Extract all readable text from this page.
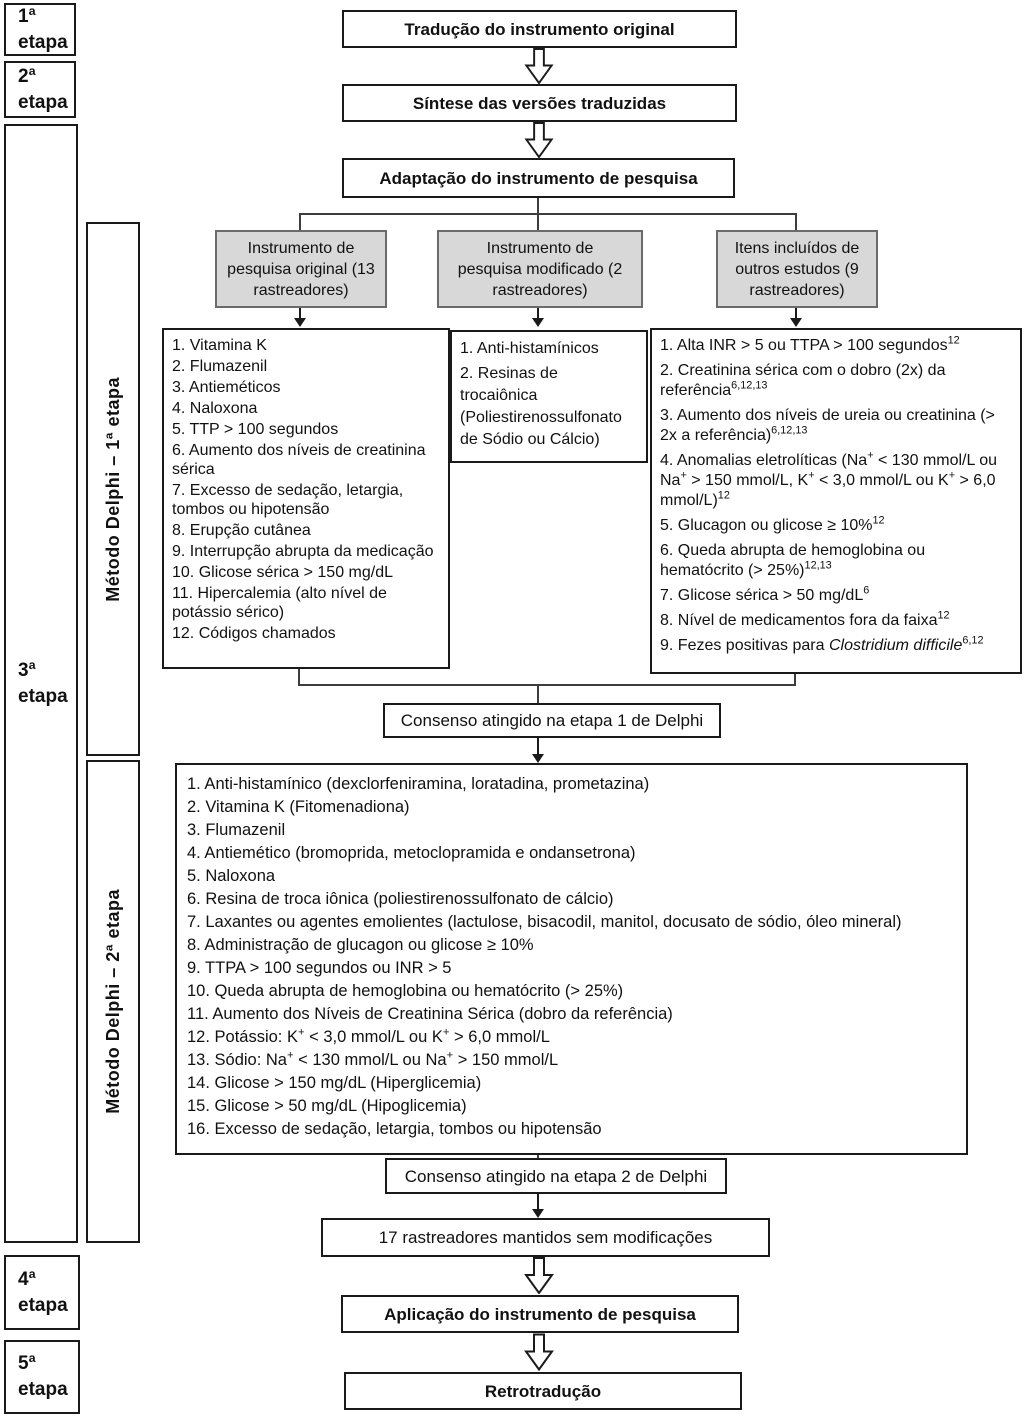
1ª
etapa
2ª
etapa
3ª
etapa
4ª
etapa
5ª
etapa
Método Delphi – 1ª etapa
Método Delphi – 2ª etapa
Tradução do instrumento original
Síntese das versões traduzidas
Adaptação do instrumento de pesquisa
Instrumento de pesquisa original (13 rastreadores)
Instrumento de pesquisa modificado (2 rastreadores)
Itens incluídos de outros estudos (9 rastreadores)
1. Vitamina K
2. Flumazenil
3. Antieméticos
4. Naloxona
5. TTP > 100 segundos
6. Aumento dos níveis de creatinina sérica
7. Excesso de sedação, letargia, tombos ou hipotensão
8. Erupção cutânea
9. Interrupção abrupta da medicação
10. Glicose sérica > 150 mg/dL
11. Hipercalemia (alto nível de potássio sérico)
12. Códigos chamados
1. Anti-histamínicos
2. Resinas de trocaiônica (Poliestirenossulfonato de Sódio ou Cálcio)
1. Alta INR > 5 ou TTPA > 100 segundos$^{12}$
2. Creatinina sérica com o dobro (2x) da referência$^{6,12,13}$
3. Aumento dos níveis de ureia ou creatinina (> 2x a referência)$^{6,12,13}$
4. Anomalias eletrolíticas (Na+ < 130 mmol/L ou Na+ > 150 mmol/L, K+ < 3,0 mmol/L ou K+ > 6,0 mmol/L)$^{12}$
5. Glucagon ou glicose ≥ 10%$^{12}$
6. Queda abrupta de hemoglobina ou hematócrito (> 25%)$^{12,13}$
7. Glicose sérica > 50 $mg/dL^6$
8. Nível de medicamentos fora da faixa$^{12}$
9. Fezes positivas para Clostridium difficile$^{6,12}$
Consenso atingido na etapa 1 de Delphi
1. Anti-histamínico (dexclorfeniramina, loratadina, prometazina)
2. Vitamina K (Fitomenadiona)
3. Flumazenil
4. Antiemético (bromoprida, metoclopramida e ondansetrona)
5. Naloxona
6. Resina de troca iônica (poliestirenossulfonato de cálcio)
7. Laxantes ou agentes emolientes (lactulose, bisacodil, manitol, docusato de sódio, óleo mineral)
8. Administração de glucagon ou glicose ≥ 10%
9. TTPA > 100 segundos ou INR > 5
10. Queda abrupta de hemoglobina ou hematócrito (> 25%)
11. Aumento dos Níveis de Creatinina Sérica (dobro da referência)
12. Potássio: K+ < 3,0 mmol/L ou K+ > 6,0 mmol/L
13. Sódio: Na+ < 130 mmol/L ou Na+ > 150 mmol/L
14. Glicose > 150 mg/dL (Hiperglicemia)
15. Glicose > 50 mg/dL (Hipoglicemia)
16. Excesso de sedação, letargia, tombos ou hipotensão
Consenso atingido na etapa 2 de Delphi
17 rastreadores mantidos sem modificações
Aplicação do instrumento de pesquisa
Retrotradução
